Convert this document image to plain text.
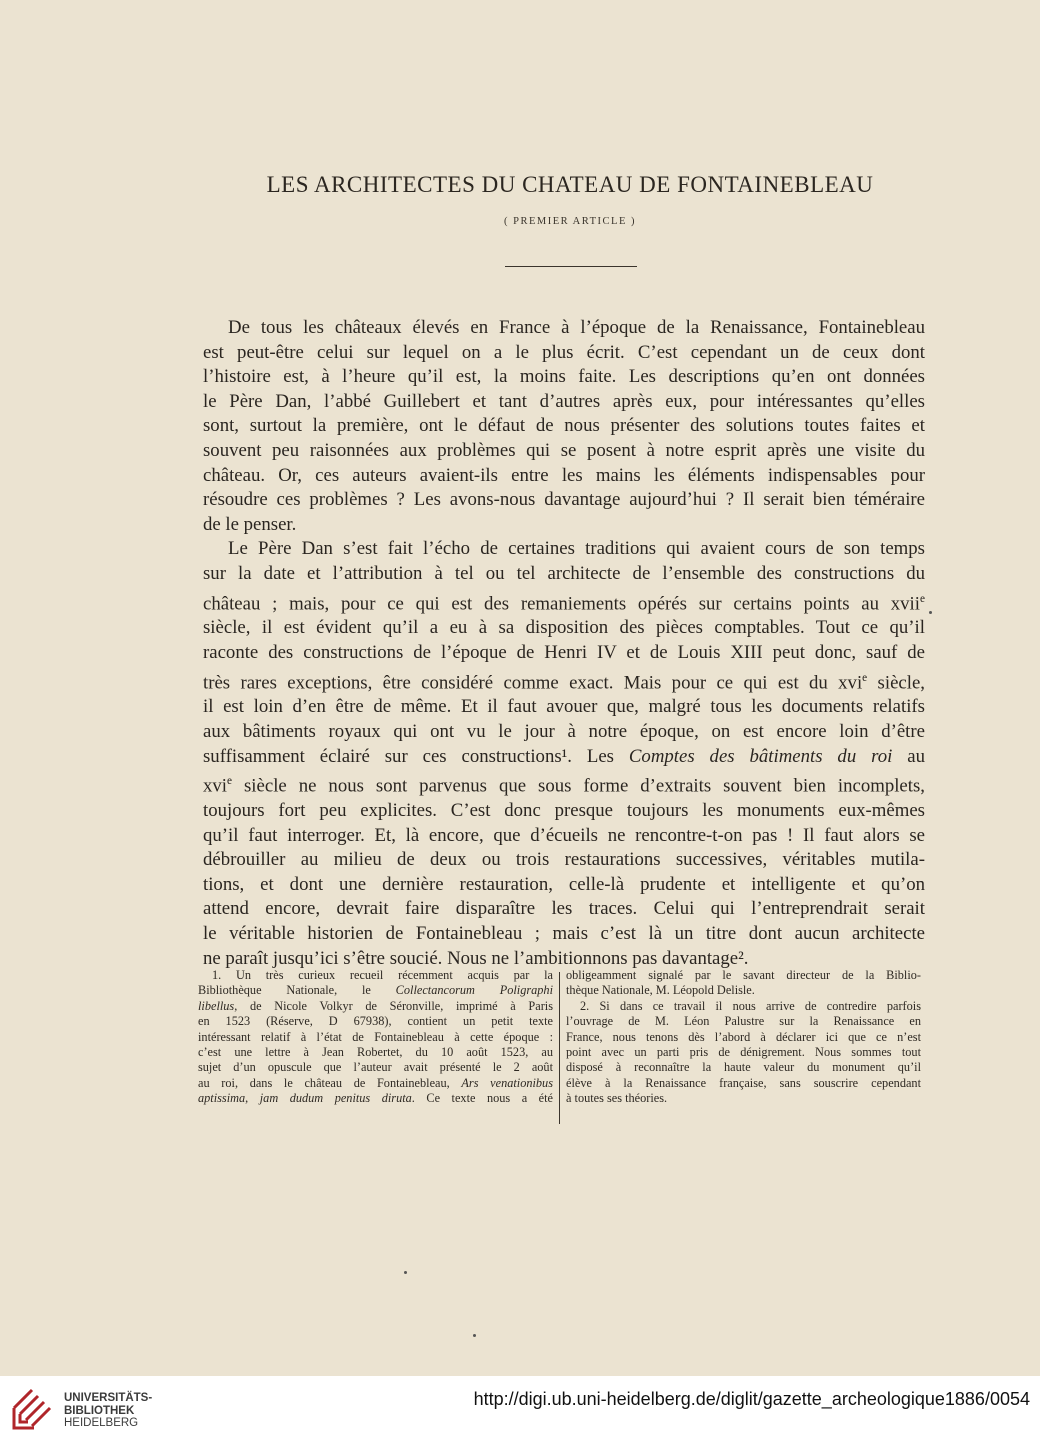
LES ARCHITECTES DU CHATEAU DE FONTAINEBLEAU
( PREMIER ARTICLE )

De tous les châteaux élevés en France à l’époque de la Renaissance, Fontainebleau
est peut-être celui sur lequel on a le plus écrit. C’est cependant un de ceux dont
l’histoire est, à l’heure qu’il est, la moins faite. Les descriptions qu’en ont données
le Père Dan, l’abbé Guillebert et tant d’autres après eux, pour intéressantes qu’elles
sont, surtout la première, ont le défaut de nous présenter des solutions toutes faites et
souvent peu raisonnées aux problèmes qui se posent à notre esprit après une visite du
château. Or, ces auteurs avaient-ils entre les mains les éléments indispensables pour
résoudre ces problèmes ? Les avons-nous davantage aujourd’hui ? Il serait bien téméraire
de le penser.

Le Père Dan s’est fait l’écho de certaines traditions qui avaient cours de son temps
sur la date et l’attribution à tel ou tel architecte de l’ensemble des constructions du
château ; mais, pour ce qui est des remaniements opérés sur certains points au xvii$^e$
siècle, il est évident qu’il a eu à sa disposition des pièces comptables. Tout ce qu’il
raconte des constructions de l’époque de Henri IV et de Louis XIII peut donc, sauf de
très rares exceptions, être considéré comme exact. Mais pour ce qui est du xvi$^e$ siècle,
il est loin d’en être de même. Et il faut avouer que, malgré tous les documents relatifs
aux bâtiments royaux qui ont vu le jour à notre époque, on est encore loin d’être
suffisamment éclairé sur ces constructions¹. Les Comptes des bâtiments du roi au
xvi$^e$ siècle ne nous sont parvenus que sous forme d’extraits souvent bien incomplets,
toujours fort peu explicites. C’est donc presque toujours les monuments eux-mêmes
qu’il faut interroger. Et, là encore, que d’écueils ne rencontre-t-on pas ! Il faut alors se
débrouiller au milieu de deux ou trois restaurations successives, véritables mutila-
tions, et dont une dernière restauration, celle-là prudente et intelligente et qu’on
attend encore, devrait faire disparaître les traces. Celui qui l’entreprendrait serait
le véritable historien de Fontainebleau ; mais c’est là un titre dont aucun architecte
ne paraît jusqu’ici s’être soucié. Nous ne l’ambitionnons pas davantage².

1. Un très curieux recueil récemment acquis par la
Bibliothèque Nationale, le Collectancorum Poligraphi
libellus, de Nicole Volkyr de Séronville, imprimé à Paris
en 1523 (Réserve, D 67938), contient un petit texte
intéressant relatif à l’état de Fontainebleau à cette époque :
c’est une lettre à Jean Robertet, du 10 août 1523, au
sujet d’un opuscule que l’auteur avait présenté le 2 août
au roi, dans le château de Fontainebleau, Ars venationibus
aptissima, jam dudum penitus diruta. Ce texte nous a été
obligeamment signalé par le savant directeur de la Biblio-
thèque Nationale, M. Léopold Delisle.
2. Si dans ce travail il nous arrive de contredire parfois
l’ouvrage de M. Léon Palustre sur la Renaissance en
France, nous tenons dès l’abord à déclarer ici que ce n’est
point avec un parti pris de dénigrement. Nous sommes tout
disposé à reconnaître la haute valeur du monument qu’il
élève à la Renaissance française, sans souscrire cependant
à toutes ses théories.
UNIVERSITÄTS-
BIBLIOTHEK
HEIDELBERG
http://digi.ub.uni-heidelberg.de/diglit/gazette_archeologique1886/0054
